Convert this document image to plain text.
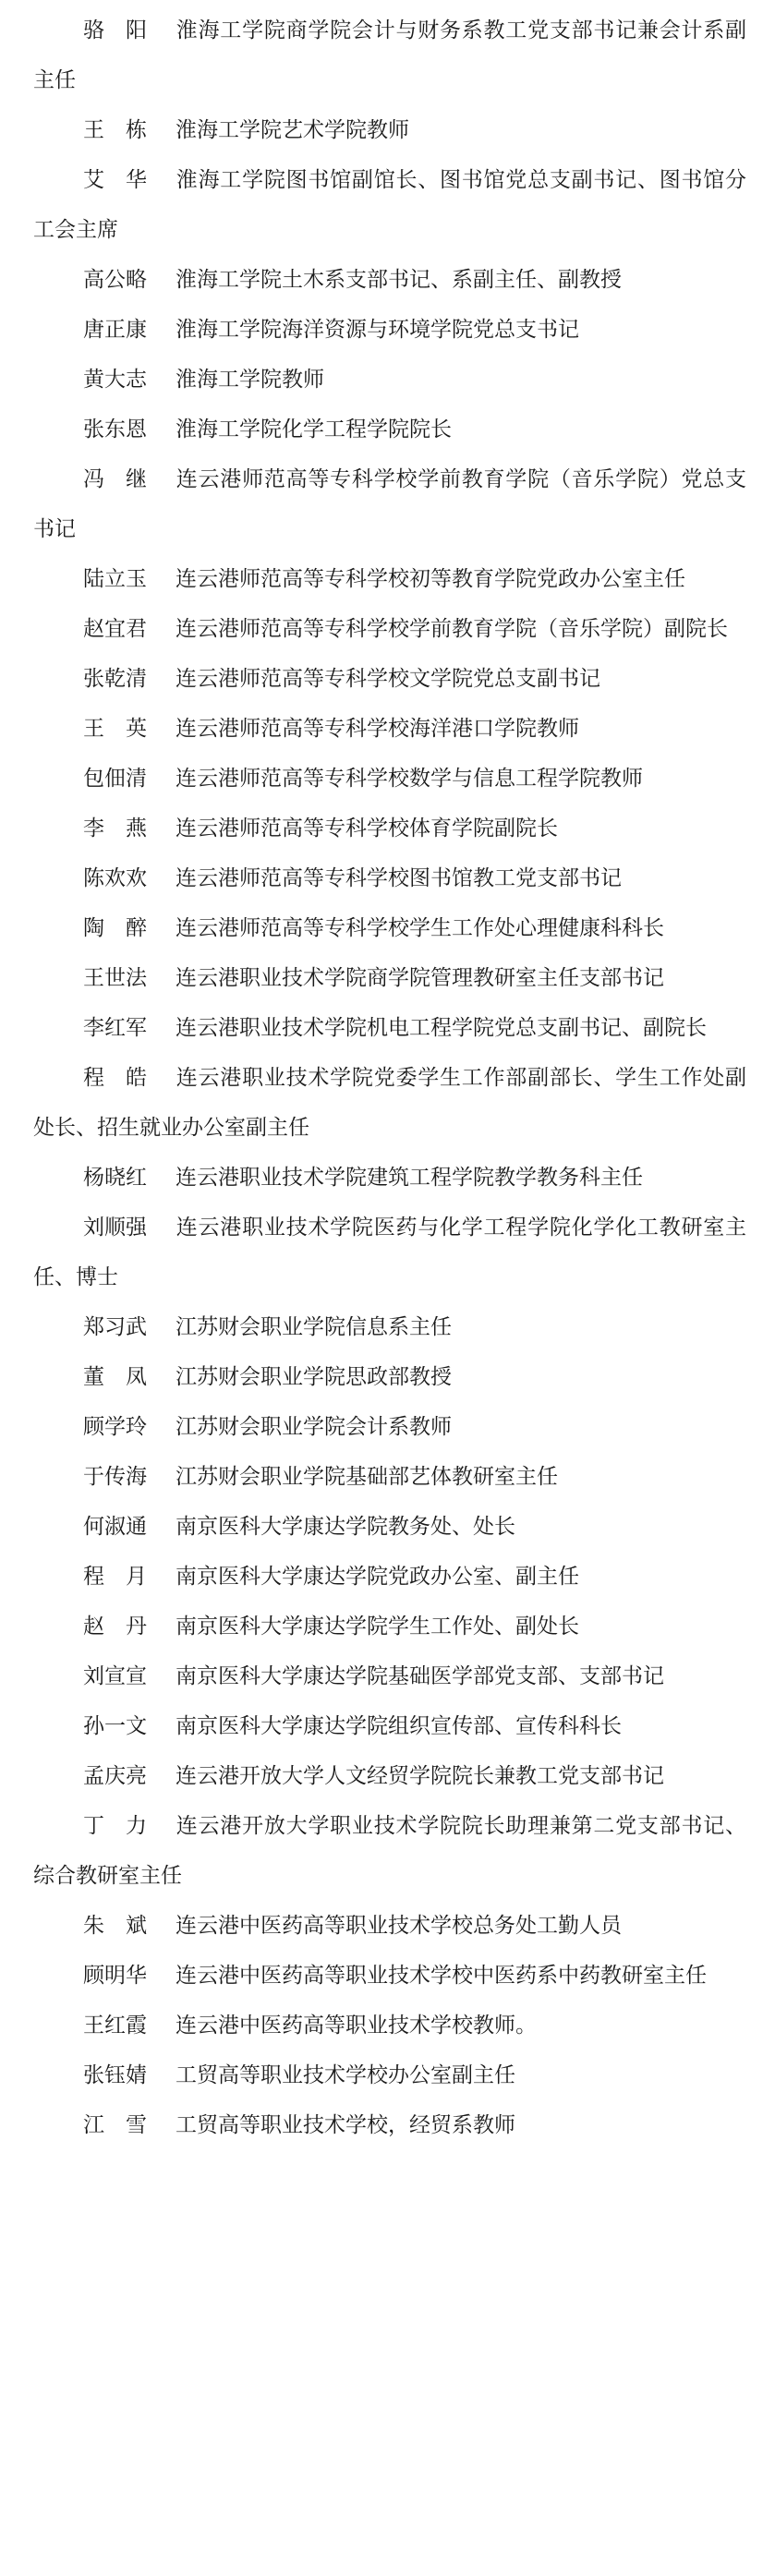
骆　阳 淮海工学院商学院会计与财务系教工党支部书记兼会计系副主任

王　栋 淮海工学院艺术学院教师

艾　华 淮海工学院图书馆副馆长、图书馆党总支副书记、图书馆分工会主席

高公略 淮海工学院土木系支部书记、系副主任、副教授

唐正康 淮海工学院海洋资源与环境学院党总支书记

黄大志 淮海工学院教师

张东恩 淮海工学院化学工程学院院长

冯　继 连云港师范高等专科学校学前教育学院（音乐学院）党总支书记

陆立玉 连云港师范高等专科学校初等教育学院党政办公室主任

赵宜君 连云港师范高等专科学校学前教育学院（音乐学院）副院长

张乾清 连云港师范高等专科学校文学院党总支副书记

王　英 连云港师范高等专科学校海洋港口学院教师

包佃清 连云港师范高等专科学校数学与信息工程学院教师

李　燕 连云港师范高等专科学校体育学院副院长

陈欢欢 连云港师范高等专科学校图书馆教工党支部书记

陶　醉 连云港师范高等专科学校学生工作处心理健康科科长

王世法 连云港职业技术学院商学院管理教研室主任支部书记

李红军 连云港职业技术学院机电工程学院党总支副书记、副院长

程　皓 连云港职业技术学院党委学生工作部副部长、学生工作处副处长、招生就业办公室副主任

杨晓红 连云港职业技术学院建筑工程学院教学教务科主任

刘顺强 连云港职业技术学院医药与化学工程学院化学化工教研室主任、博士

郑习武 江苏财会职业学院信息系主任

董　凤 江苏财会职业学院思政部教授

顾学玲 江苏财会职业学院会计系教师

于传海 江苏财会职业学院基础部艺体教研室主任

何淑通 南京医科大学康达学院教务处、处长

程　月 南京医科大学康达学院党政办公室、副主任

赵　丹 南京医科大学康达学院学生工作处、副处长

刘宣宣 南京医科大学康达学院基础医学部党支部、支部书记

孙一文 南京医科大学康达学院组织宣传部、宣传科科长

孟庆亮 连云港开放大学人文经贸学院院长兼教工党支部书记

丁　力 连云港开放大学职业技术学院院长助理兼第二党支部书记、综合教研室主任

朱　斌 连云港中医药高等职业技术学校总务处工勤人员

顾明华 连云港中医药高等职业技术学校中医药系中药教研室主任

王红霞 连云港中医药高等职业技术学校教师。

张钰婧 工贸高等职业技术学校办公室副主任

江　雪 工贸高等职业技术学校，经贸系教师
